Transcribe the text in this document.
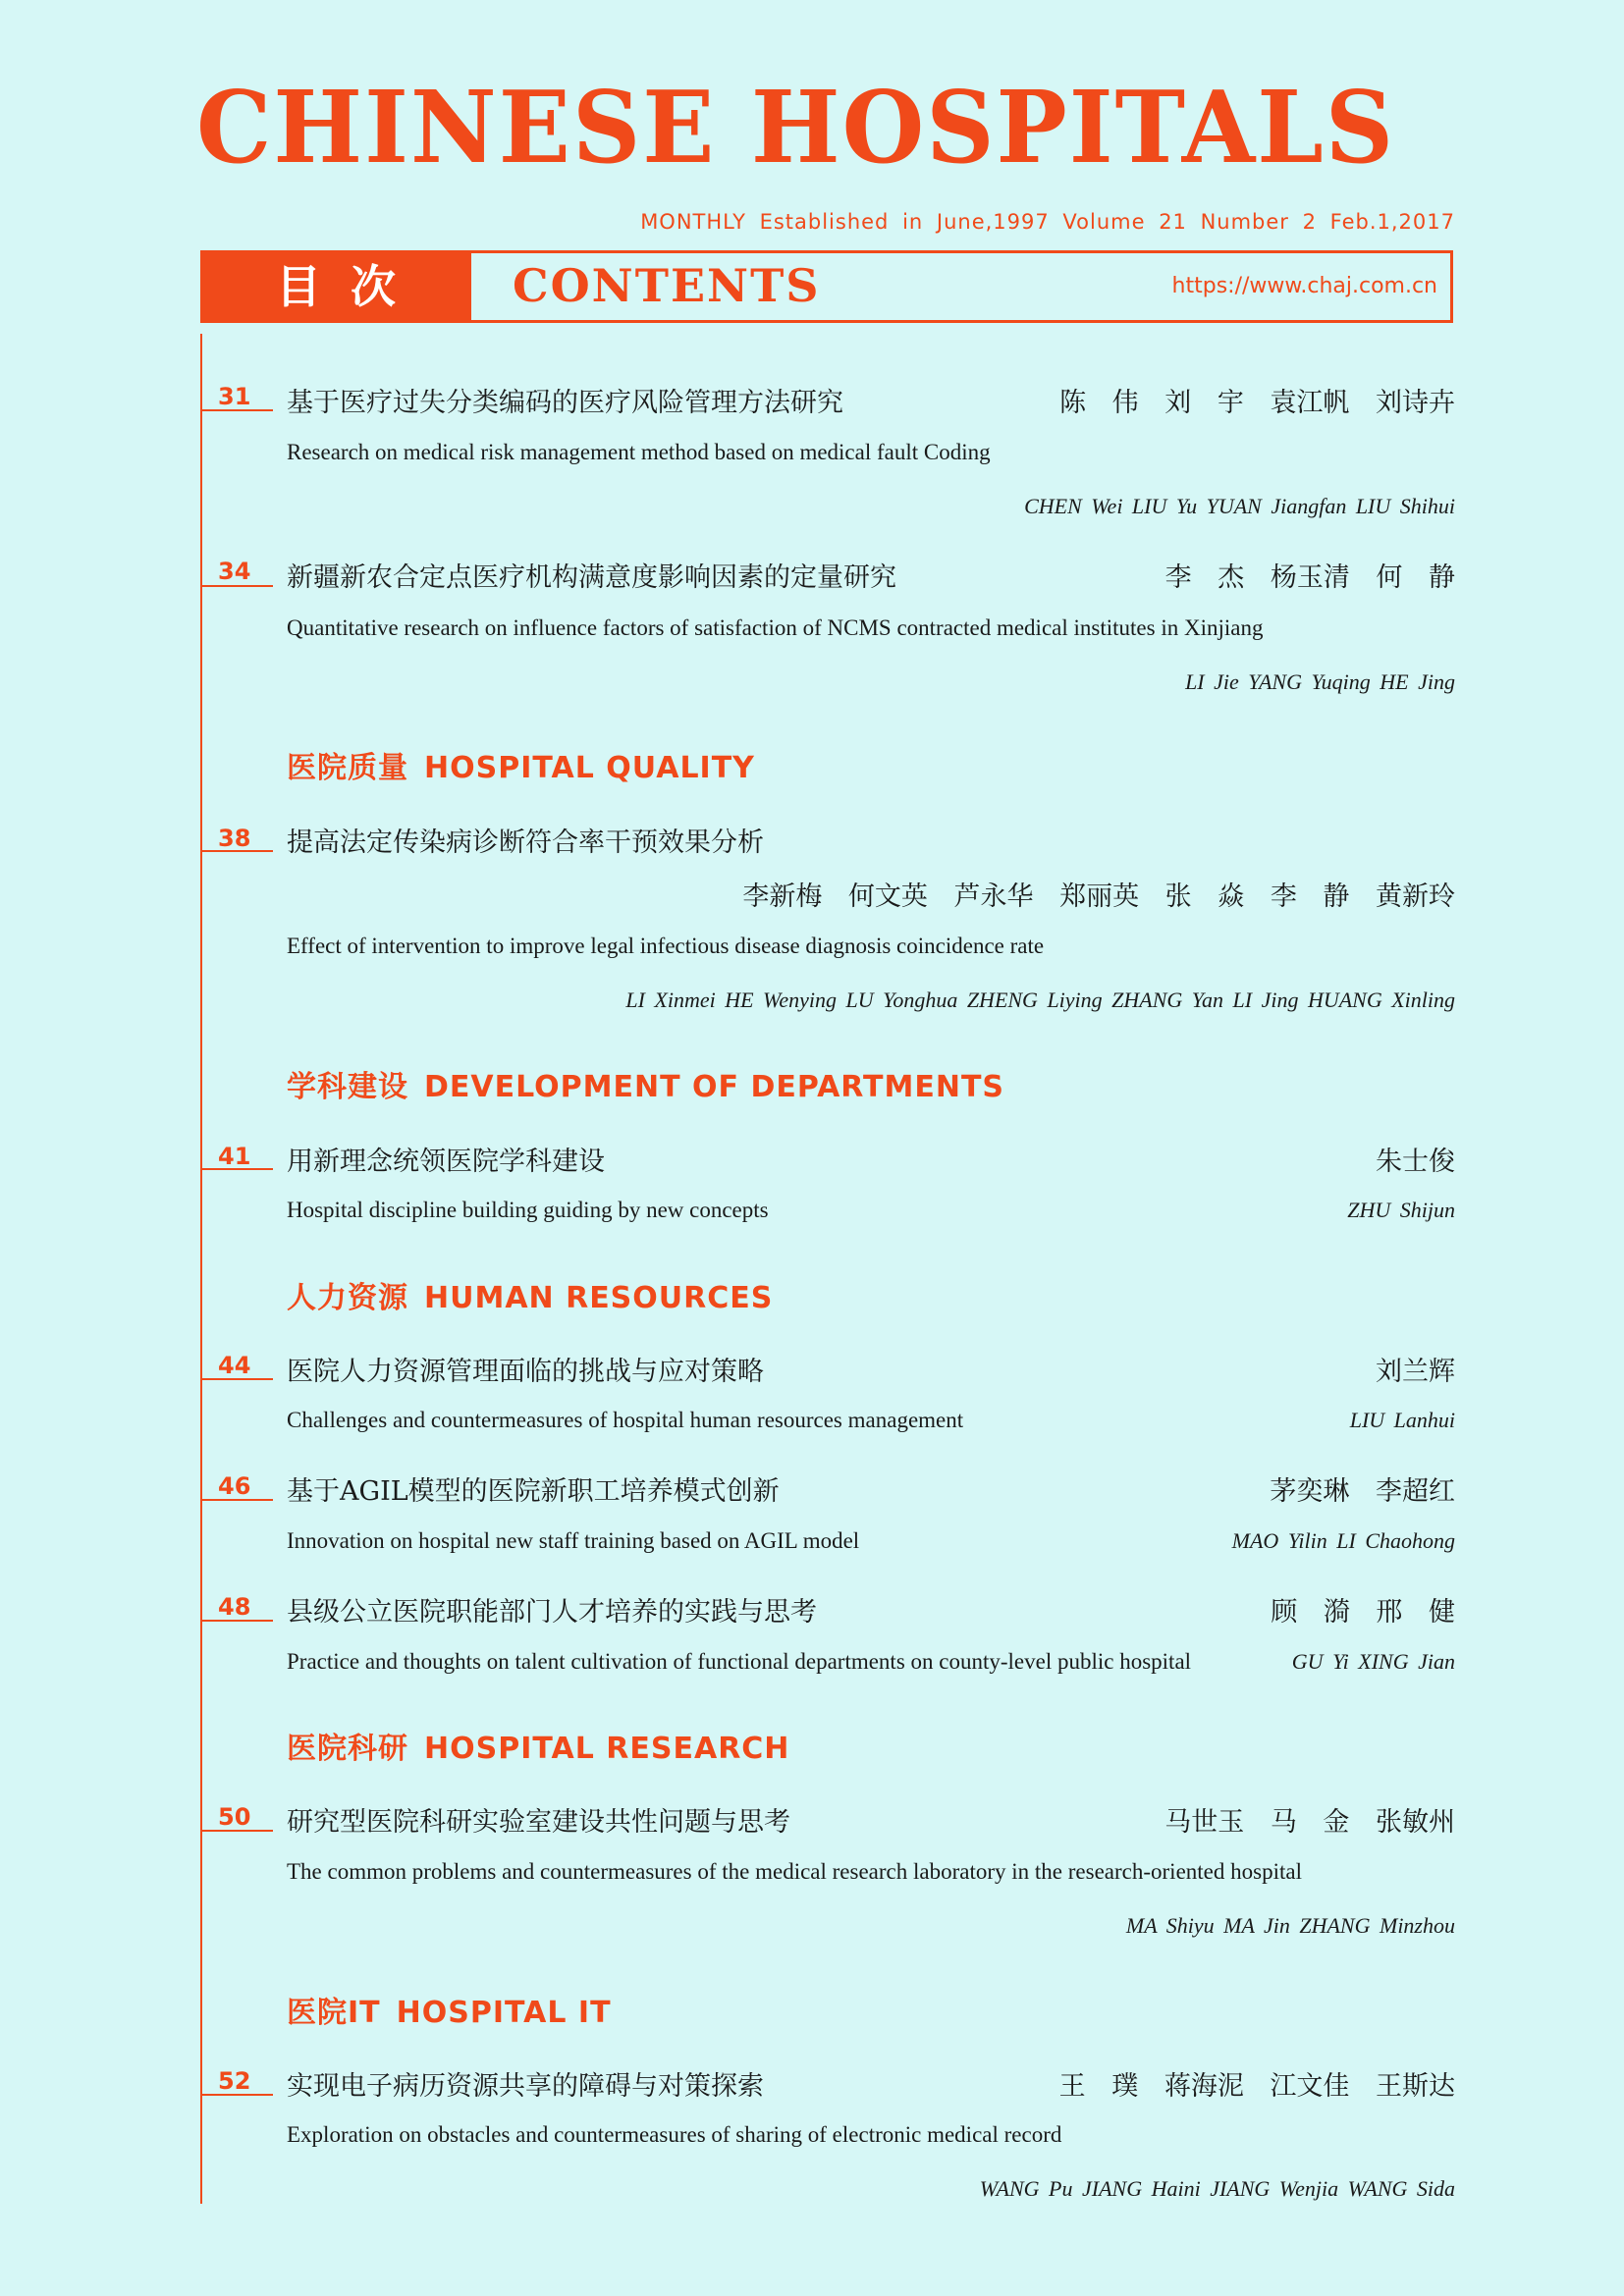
CHINESE HOSPITALS
MONTHLY Established in June,1997 Volume 21 Number 2 Feb.1,2017
目次	CONTENTS	https://www.chaj.com.cn
31 基于医疗过失分类编码的医疗风险管理方法研究	陈 伟 刘 宇 袁江帆 刘诗卉
Research on medical risk management method based on medical fault Coding
CHEN Wei LIU Yu YUAN Jiangfan LIU Shihui
34 新疆新农合定点医疗机构满意度影响因素的定量研究	李 杰 杨玉清 何 静
Quantitative research on influence factors of satisfaction of NCMS contracted medical institutes in Xinjiang
LI Jie YANG Yuqing HE Jing
医院质量 HOSPITAL QUALITY
38 提高法定传染病诊断符合率干预效果分析
李新梅 何文英 芦永华 郑丽英 张 焱 李 静 黄新玲
Effect of intervention to improve legal infectious disease diagnosis coincidence rate
LI Xinmei HE Wenying LU Yonghua ZHENG Liying ZHANG Yan LI Jing HUANG Xinling
学科建设 DEVELOPMENT OF DEPARTMENTS
41 用新理念统领医院学科建设	朱士俊
Hospital discipline building guiding by new concepts	ZHU Shijun
人力资源 HUMAN RESOURCES
44 医院人力资源管理面临的挑战与应对策略	刘兰辉
Challenges and countermeasures of hospital human resources management	LIU Lanhui
46 基于AGIL模型的医院新职工培养模式创新	茅奕琳 李超红
Innovation on hospital new staff training based on AGIL model	MAO Yilin LI Chaohong
48 县级公立医院职能部门人才培养的实践与思考	顾 漪 邢 健
Practice and thoughts on talent cultivation of functional departments on county-level public hospital	GU Yi XING Jian
医院科研 HOSPITAL RESEARCH
50 研究型医院科研实验室建设共性问题与思考	马世玉 马 金 张敏州
The common problems and countermeasures of the medical research laboratory in the research-oriented hospital
MA Shiyu MA Jin ZHANG Minzhou
医院IT HOSPITAL IT
52 实现电子病历资源共享的障碍与对策探索	王 璞 蒋海泥 江文佳 王斯达
Exploration on obstacles and countermeasures of sharing of electronic medical record
WANG Pu JIANG Haini JIANG Wenjia WANG Sida
